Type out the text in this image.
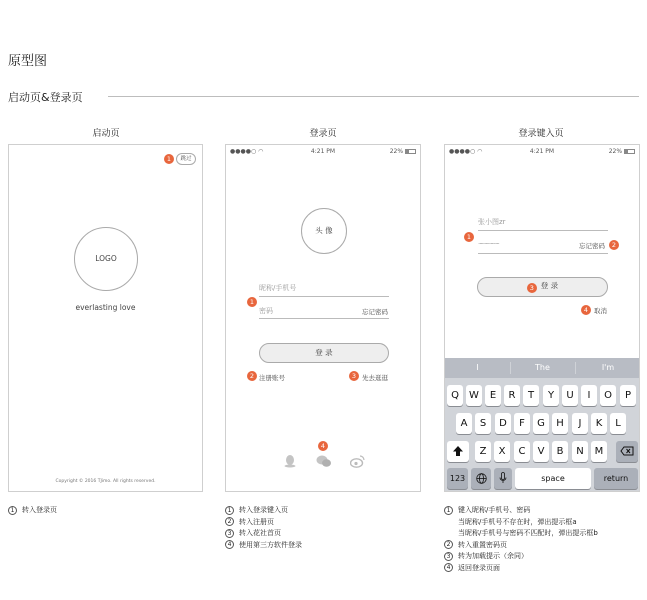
原型图
启动页&登录页
启动页	登录页	登录键入页
1	跳过
LOGO
everlasting love
Copyright © 2016 TJimo. All rights reserved.
●●●●○ ◠	4:21 PM	22%
头 像
1
昵称/手机号
密码	忘记密码
登 录
2 注册账号	3 先去逛逛
4
●●●●○ ◠	4:21 PM	22%
张小图zr
1
·················	忘记密码	2
3 登 录
4 取消
I	The	I'm
Q	W	E	R	T	Y	U	I	O	P
A	S	D	F	G	H	J	K	L
Z	X	C	V	B	N	M
123	space	return
1 转入登录页	1 转入登录键入页
2 转入注册页
3 转入花社首页
4 使用第三方软件登录
1 键入昵称/手机号、密码
当昵称/手机号不存在时，弹出提示框a
当昵称/手机号与密码不匹配时，弹出提示框b
2 转入重置密码页
3 转为加载提示（余同）
4 返回登录页面
